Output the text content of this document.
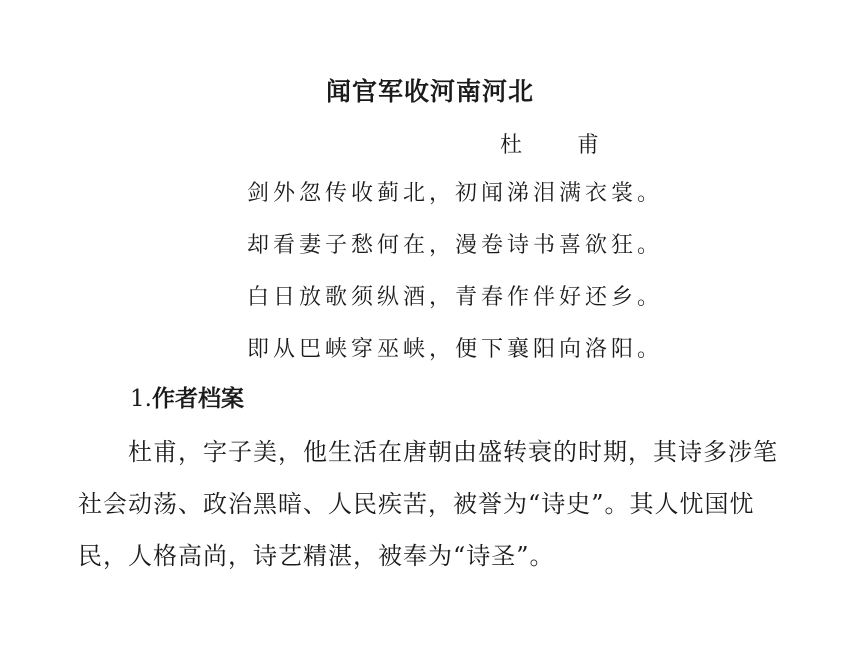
闻官军收河南河北

杜 甫

剑外忽传收蓟北，初闻涕泪满衣裳。
却看妻子愁何在，漫卷诗书喜欲狂。
白日放歌须纵酒，青春作伴好还乡。
即从巴峡穿巫峡，便下襄阳向洛阳。
1.作者档案

杜甫，字子美，他生活在唐朝由盛转衰的时期，其诗多涉笔社会动荡、政治黑暗、人民疾苦，被誉为“诗史”。其人忧国忧民，人格高尚，诗艺精湛，被奉为“诗圣”。
